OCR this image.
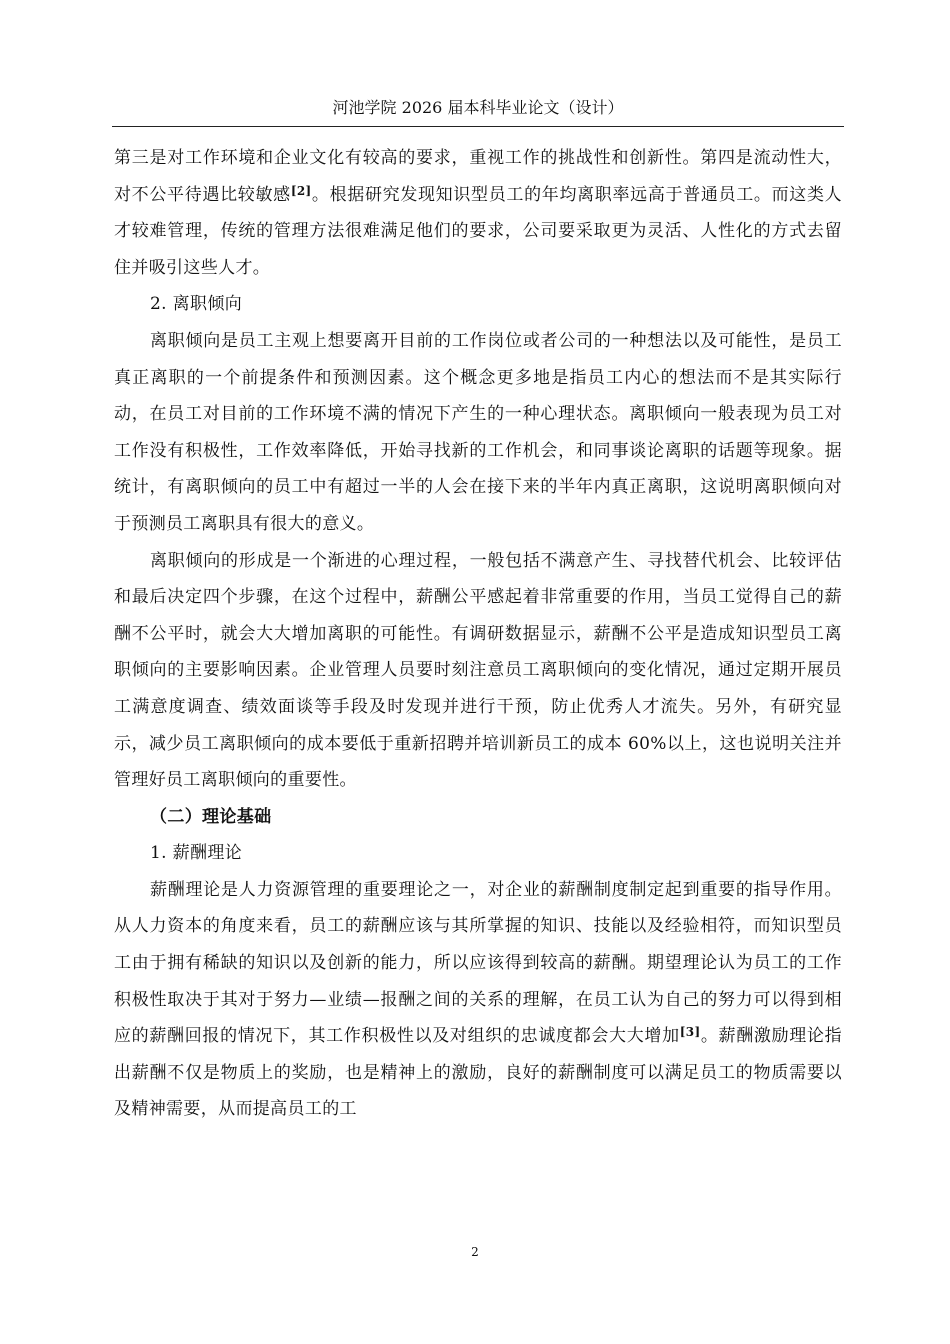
河池学院 2026 届本科毕业论文（设计）

第三是对工作环境和企业文化有较高的要求，重视工作的挑战性和创新性。第四是流动性大，对不公平待遇比较敏感[2]。根据研究发现知识型员工的年均离职率远高于普通员工。而这类人才较难管理，传统的管理方法很难满足他们的要求，公司要采取更为灵活、人性化的方式去留住并吸引这些人才。

2. 离职倾向

离职倾向是员工主观上想要离开目前的工作岗位或者公司的一种想法以及可能性，是员工真正离职的一个前提条件和预测因素。这个概念更多地是指员工内心的想法而不是其实际行动，在员工对目前的工作环境不满的情况下产生的一种心理状态。离职倾向一般表现为员工对工作没有积极性，工作效率降低，开始寻找新的工作机会，和同事谈论离职的话题等现象。据统计，有离职倾向的员工中有超过一半的人会在接下来的半年内真正离职，这说明离职倾向对于预测员工离职具有很大的意义。

离职倾向的形成是一个渐进的心理过程，一般包括不满意产生、寻找替代机会、比较评估和最后决定四个步骤，在这个过程中，薪酬公平感起着非常重要的作用，当员工觉得自己的薪酬不公平时，就会大大增加离职的可能性。有调研数据显示，薪酬不公平是造成知识型员工离职倾向的主要影响因素。企业管理人员要时刻注意员工离职倾向的变化情况，通过定期开展员工满意度调查、绩效面谈等手段及时发现并进行干预，防止优秀人才流失。另外，有研究显示，减少员工离职倾向的成本要低于重新招聘并培训新员工的成本 60%以上，这也说明关注并管理好员工离职倾向的重要性。

（二）理论基础

1. 薪酬理论

薪酬理论是人力资源管理的重要理论之一，对企业的薪酬制度制定起到重要的指导作用。从人力资本的角度来看，员工的薪酬应该与其所掌握的知识、技能以及经验相符，而知识型员工由于拥有稀缺的知识以及创新的能力，所以应该得到较高的薪酬。期望理论认为员工的工作积极性取决于其对于努力—业绩—报酬之间的关系的理解，在员工认为自己的努力可以得到相应的薪酬回报的情况下，其工作积极性以及对组织的忠诚度都会大大增加[3]。薪酬激励理论指出薪酬不仅是物质上的奖励，也是精神上的激励，良好的薪酬制度可以满足员工的物质需要以及精神需要，从而提高员工的工

2
